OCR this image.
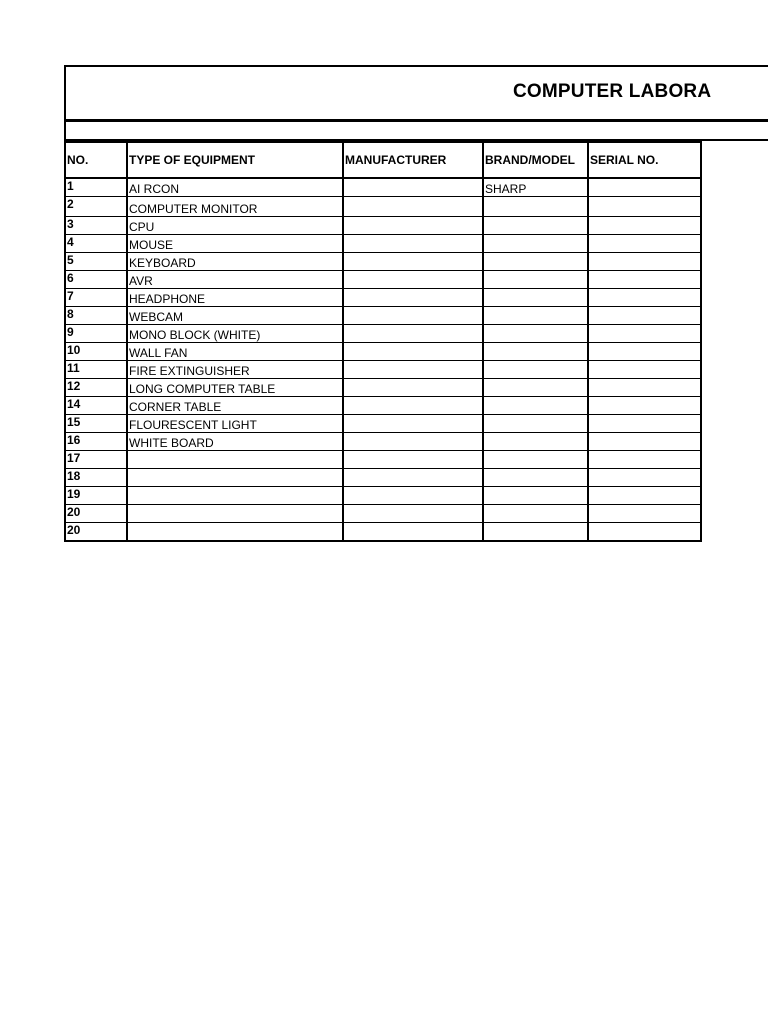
COMPUTER LABORA
NO.	TYPE OF EQUIPMENT	MANUFACTURER	BRAND/MODEL	SERIAL NO.
1	AI RCON		SHARP	
2	COMPUTER MONITOR			
3	CPU			
4	MOUSE			
5	KEYBOARD			
6	AVR			
7	HEADPHONE			
8	WEBCAM			
9	MONO BLOCK (WHITE)			
10	WALL FAN			
11	FIRE EXTINGUISHER			
12	LONG COMPUTER TABLE			
14	CORNER TABLE			
15	FLOURESCENT LIGHT			
16	WHITE BOARD			
17				
18				
19				
20				
20				
